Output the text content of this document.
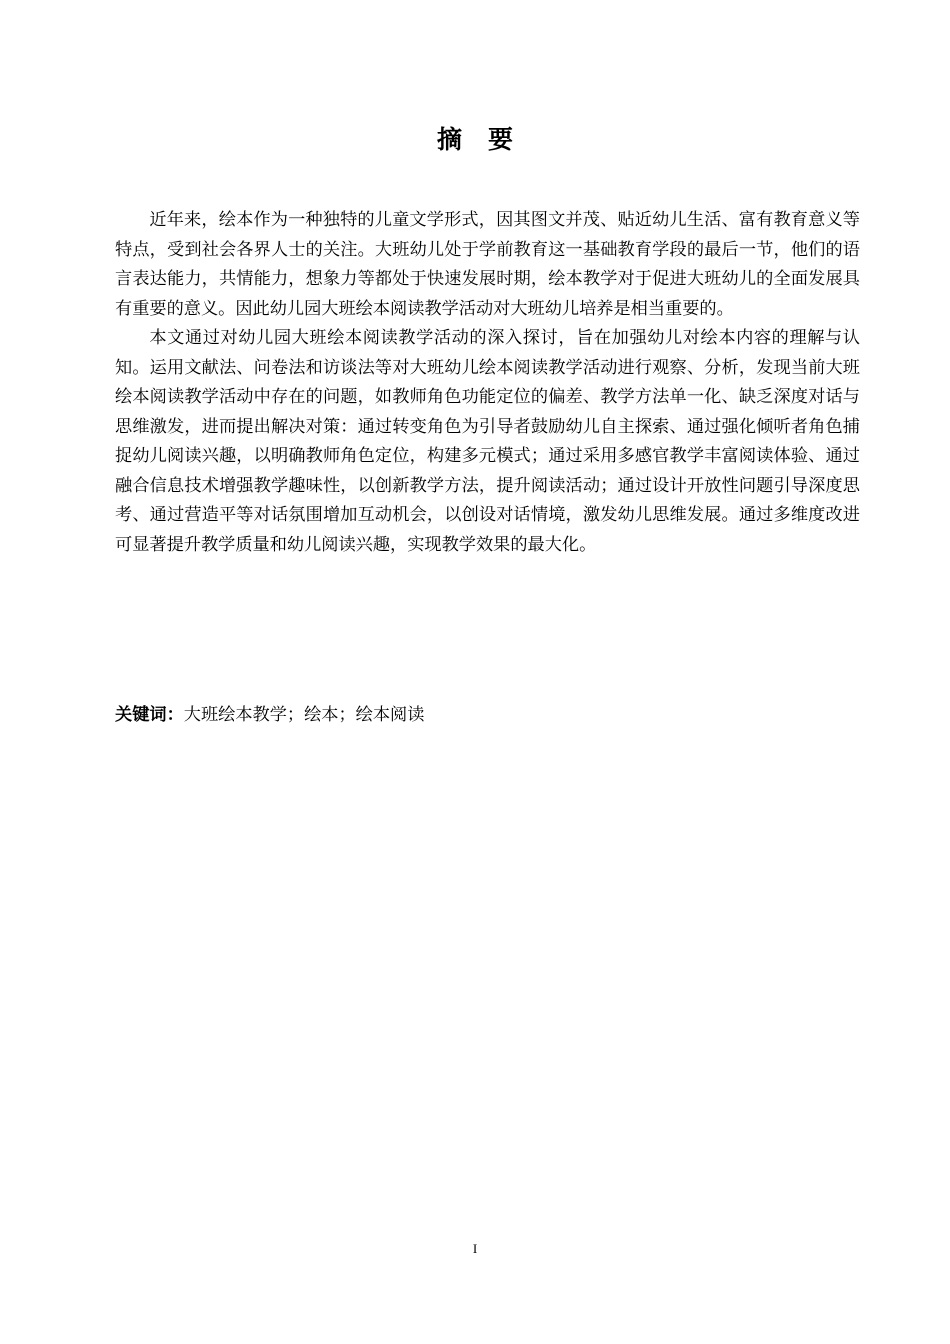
摘要

近年来，绘本作为一种独特的儿童文学形式，因其图文并茂、贴近幼儿生活、富有教育意义等特点，受到社会各界人士的关注。大班幼儿处于学前教育这一基础教育学段的最后一节，他们的语言表达能力，共情能力，想象力等都处于快速发展时期，绘本教学对于促进大班幼儿的全面发展具有重要的意义。因此幼儿园大班绘本阅读教学活动对大班幼儿培养是相当重要的。

本文通过对幼儿园大班绘本阅读教学活动的深入探讨，旨在加强幼儿对绘本内容的理解与认知。运用文献法、问卷法和访谈法等对大班幼儿绘本阅读教学活动进行观察、分析，发现当前大班绘本阅读教学活动中存在的问题，如教师角色功能定位的偏差、教学方法单一化、缺乏深度对话与思维激发，进而提出解决对策：通过转变角色为引导者鼓励幼儿自主探索、通过强化倾听者角色捕捉幼儿阅读兴趣，以明确教师角色定位，构建多元模式；通过采用多感官教学丰富阅读体验、通过融合信息技术增强教学趣味性，以创新教学方法，提升阅读活动；通过设计开放性问题引导深度思考、通过营造平等对话氛围增加互动机会，以创设对话情境，激发幼儿思维发展。通过多维度改进可显著提升教学质量和幼儿阅读兴趣，实现教学效果的最大化。

关键词：大班绘本教学；绘本；绘本阅读
I
